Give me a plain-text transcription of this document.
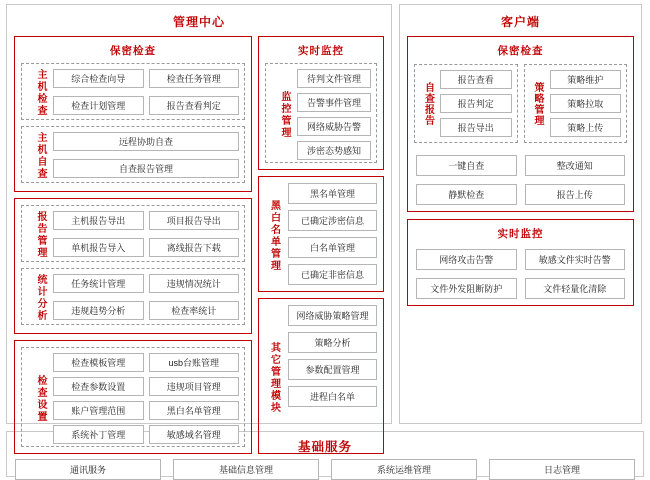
管理中心
保密检查
主机检查	综合检查向导	检查任务管理
检查计划管理	报告查看判定
主机自查	远程协助自查
自查报告管理
报告管理	主机报告导出	项目报告导出
单机报告导入	离线报告下载
统计分析	任务统计管理	违规情况统计
违规趋势分析	检查率统计
检查设置
检查模板管理	usb台账管理
检查参数设置	违规项目管理
账户管理范围	黑白名单管理
系统补丁管理	敏感域名管理
实时监控
监控管理
待判文件管理
告警事件管理
网络威胁告警
涉密态势感知
黑白名单管理
黑名单管理
已确定涉密信息
白名单管理
已确定非密信息
其它管理模块
网络威胁策略管理
策略分析
参数配置管理
进程白名单
客户端
保密检查
自查报告
报告查看
报告判定
报告导出
策略管理
策略维护
策略拉取
策略上传
一键自查	整改通知
静默检查	报告上传
实时监控
网络攻击告警	敏感文件实时告警
文件外发阻断防护	文件轻量化清除
基础服务
通讯服务	基础信息管理	系统运维管理	日志管理
